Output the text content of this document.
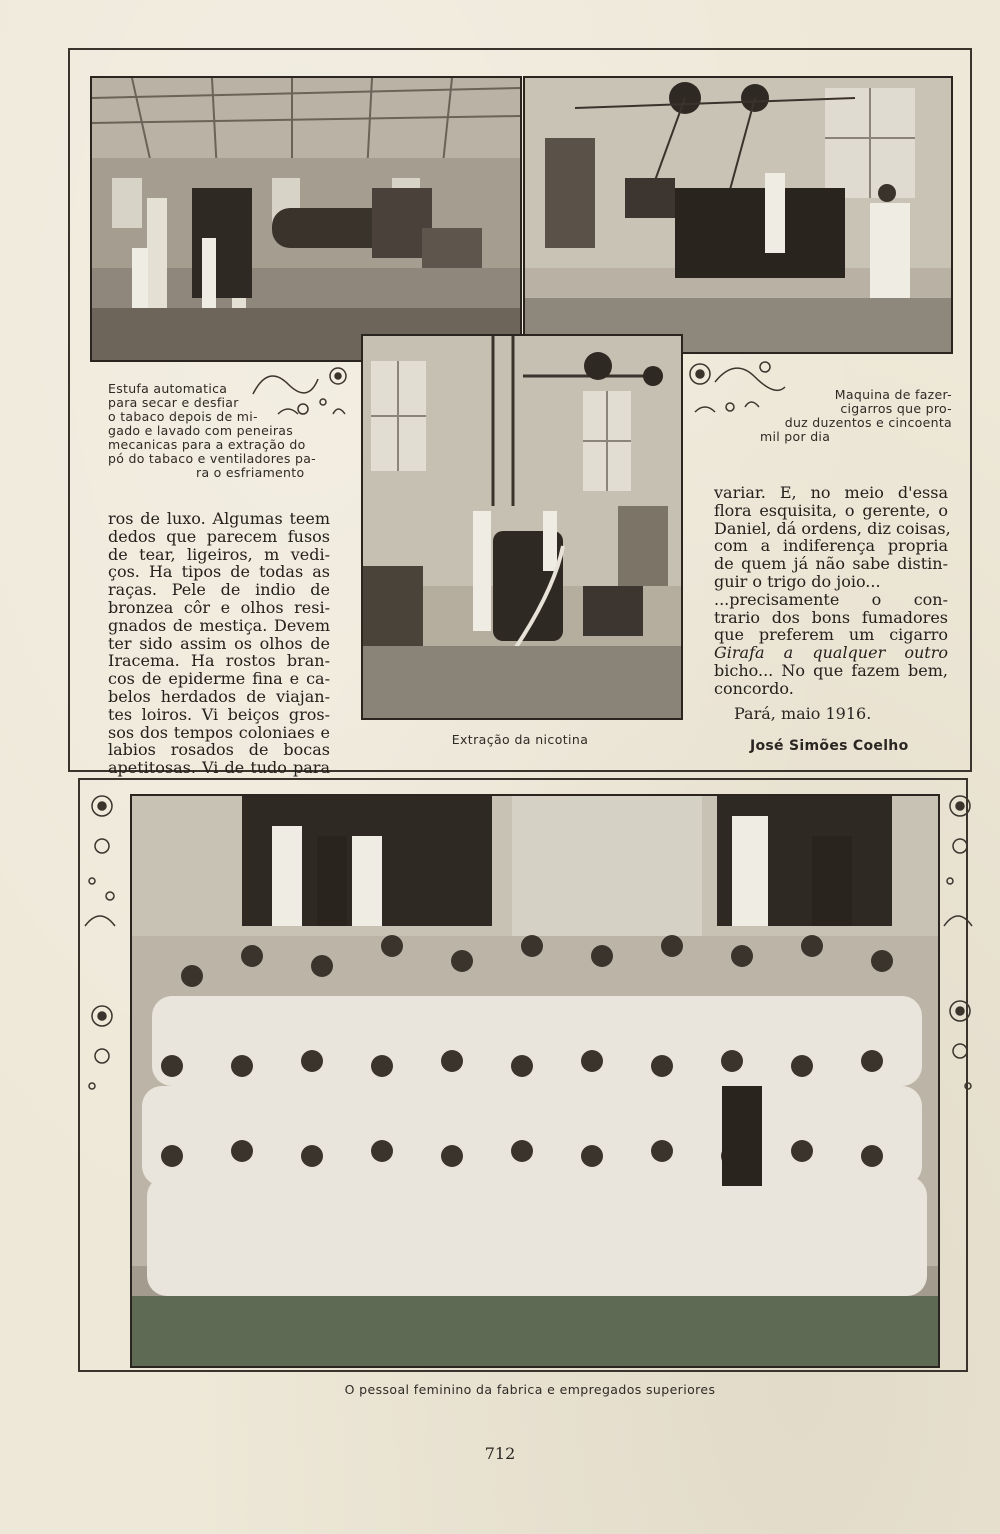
Estufa automatica
para secar e desfiar
o tabaco depois de mi-
gado e lavado com peneiras
mecanicas para a extração do
pó do tabaco e ventiladores pa-
ra o esfriamento
Maquina de fazer-
cigarros que pro-
duz duzentos e cincoenta
mil por dia
ros de luxo. Algumas teem
dedos que parecem fusos
de tear, ligeiros, m vedi-
ços. Ha tipos de todas as
raças. Pele de indio de
bronzea côr e olhos resi-
gnados de mestiça. Devem
ter sido assim os olhos de
Iracema. Ha rostos bran-
cos de epiderme fina e ca-
belos herdados de viajan-
tes loiros. Vi beiços gros-
sos dos tempos coloniaes e
labios rosados de bocas
apetitosas. Vi de tudo para
variar. E, no meio d'essa
flora esquisita, o gerente, o
Daniel, dá ordens, diz coisas,
com a indiferença propria
de quem já não sabe distin-
guir o trigo do joio...
...precisamente o con-
trario dos bons fumadores
que preferem um cigarro
Girafa a qualquer outro
bicho... No que fazem bem,
concordo.
Pará, maio 1916.
José Simões Coelho
Extração da nicotina
O pessoal feminino da fabrica e empregados superiores
712
